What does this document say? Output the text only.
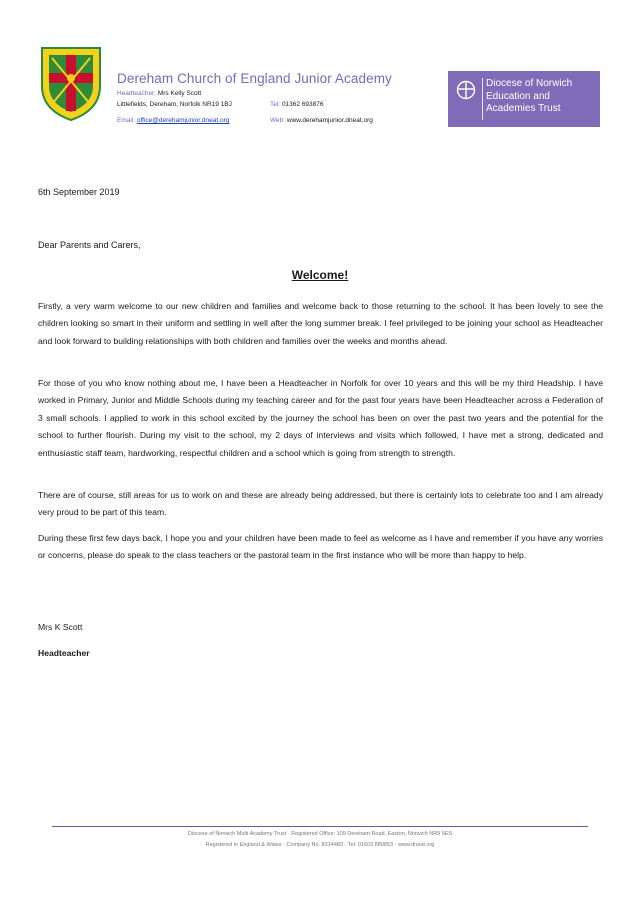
Dereham Church of England Junior Academy
Headteacher: Mrs Kelly Scott
Littlefields, Dereham, Norfolk NR19 1BJ	Tel: 01362 693876
Email: office@derehamjunior.dneat.org	Web: www.derehamjunior.dneat.org
Diocese of Norwich
Education and
Academies Trust
6th September 2019
Dear Parents and Carers,
Welcome!

Firstly, a very warm welcome to our new children and families and welcome back to those returning to the school. It has been lovely to see the children looking so smart in their uniform and settling in well after the long summer break. I feel privileged to be joining your school as Headteacher and look forward to building relationships with both children and families over the weeks and months ahead.

For those of you who know nothing about me, I have been a Headteacher in Norfolk for over 10 years and this will be my third Headship. I have worked in Primary, Junior and Middle Schools during my teaching career and for the past four years have been Headteacher across a Federation of 3 small schools. I applied to work in this school excited by the journey the school has been on over the past two years and the potential for the school to further flourish. During my visit to the school, my 2 days of interviews and visits which followed, I have met a strong, dedicated and enthusiastic staff team, hardworking, respectful children and a school which is going from strength to strength.

There are of course, still areas for us to work on and these are already being addressed, but there is certainly lots to celebrate too and I am already very proud to be part of this team.

During these first few days back, I hope you and your children have been made to feel as welcome as I have and remember if you have any worries or concerns, please do speak to the class teachers or the pastoral team in the first instance who will be more than happy to help.

Mrs K Scott
Headteacher
Diocese of Norwich Multi Academy Trust · Registered Office: 109 Dereham Road, Easton, Norwich NR9 5ES
Registered in England & Wales · Company No. 8314483 · Tel: 01603 880853 · www.dneat.org
